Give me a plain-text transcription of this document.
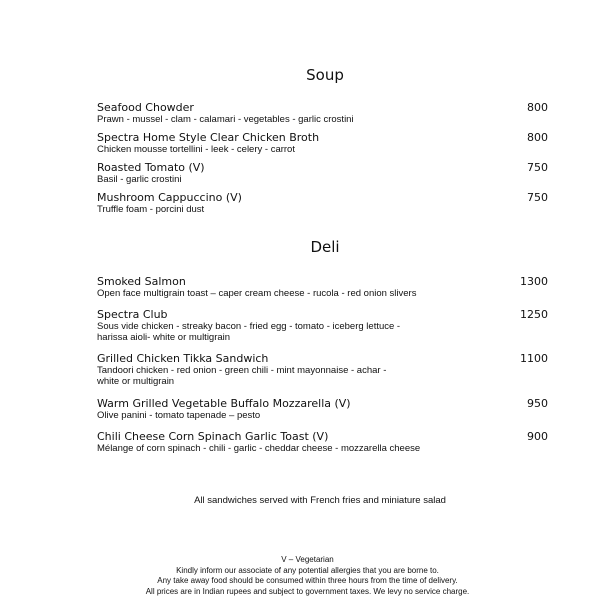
Soup
Seafood Chowder	800
Prawn - mussel - clam - calamari - vegetables - garlic crostini
Spectra Home Style Clear Chicken Broth	800
Chicken mousse tortellini - leek - celery - carrot
Roasted Tomato (V)	750
Basil - garlic crostini
Mushroom Cappuccino (V)	750
Truffle foam - porcini dust
Deli
Smoked Salmon	1300
Open face multigrain toast – caper cream cheese - rucola - red onion slivers
Spectra Club	1250
Sous vide chicken - streaky bacon - fried egg - tomato - iceberg lettuce -
harissa aioli- white or multigrain
Grilled Chicken Tikka Sandwich	1100
Tandoori chicken - red onion - green chili - mint mayonnaise - achar -
white or multigrain
Warm Grilled Vegetable Buffalo Mozzarella (V)	950
Olive panini - tomato tapenade – pesto
Chili Cheese Corn Spinach Garlic Toast (V)	900
Mélange of corn spinach - chili - garlic - cheddar cheese - mozzarella cheese
All sandwiches served with French fries and miniature salad
V – Vegetarian
Kindly inform our associate of any potential allergies that you are borne to.
Any take away food should be consumed within three hours from the time of delivery.
All prices are in Indian rupees and subject to government taxes. We levy no service charge.
